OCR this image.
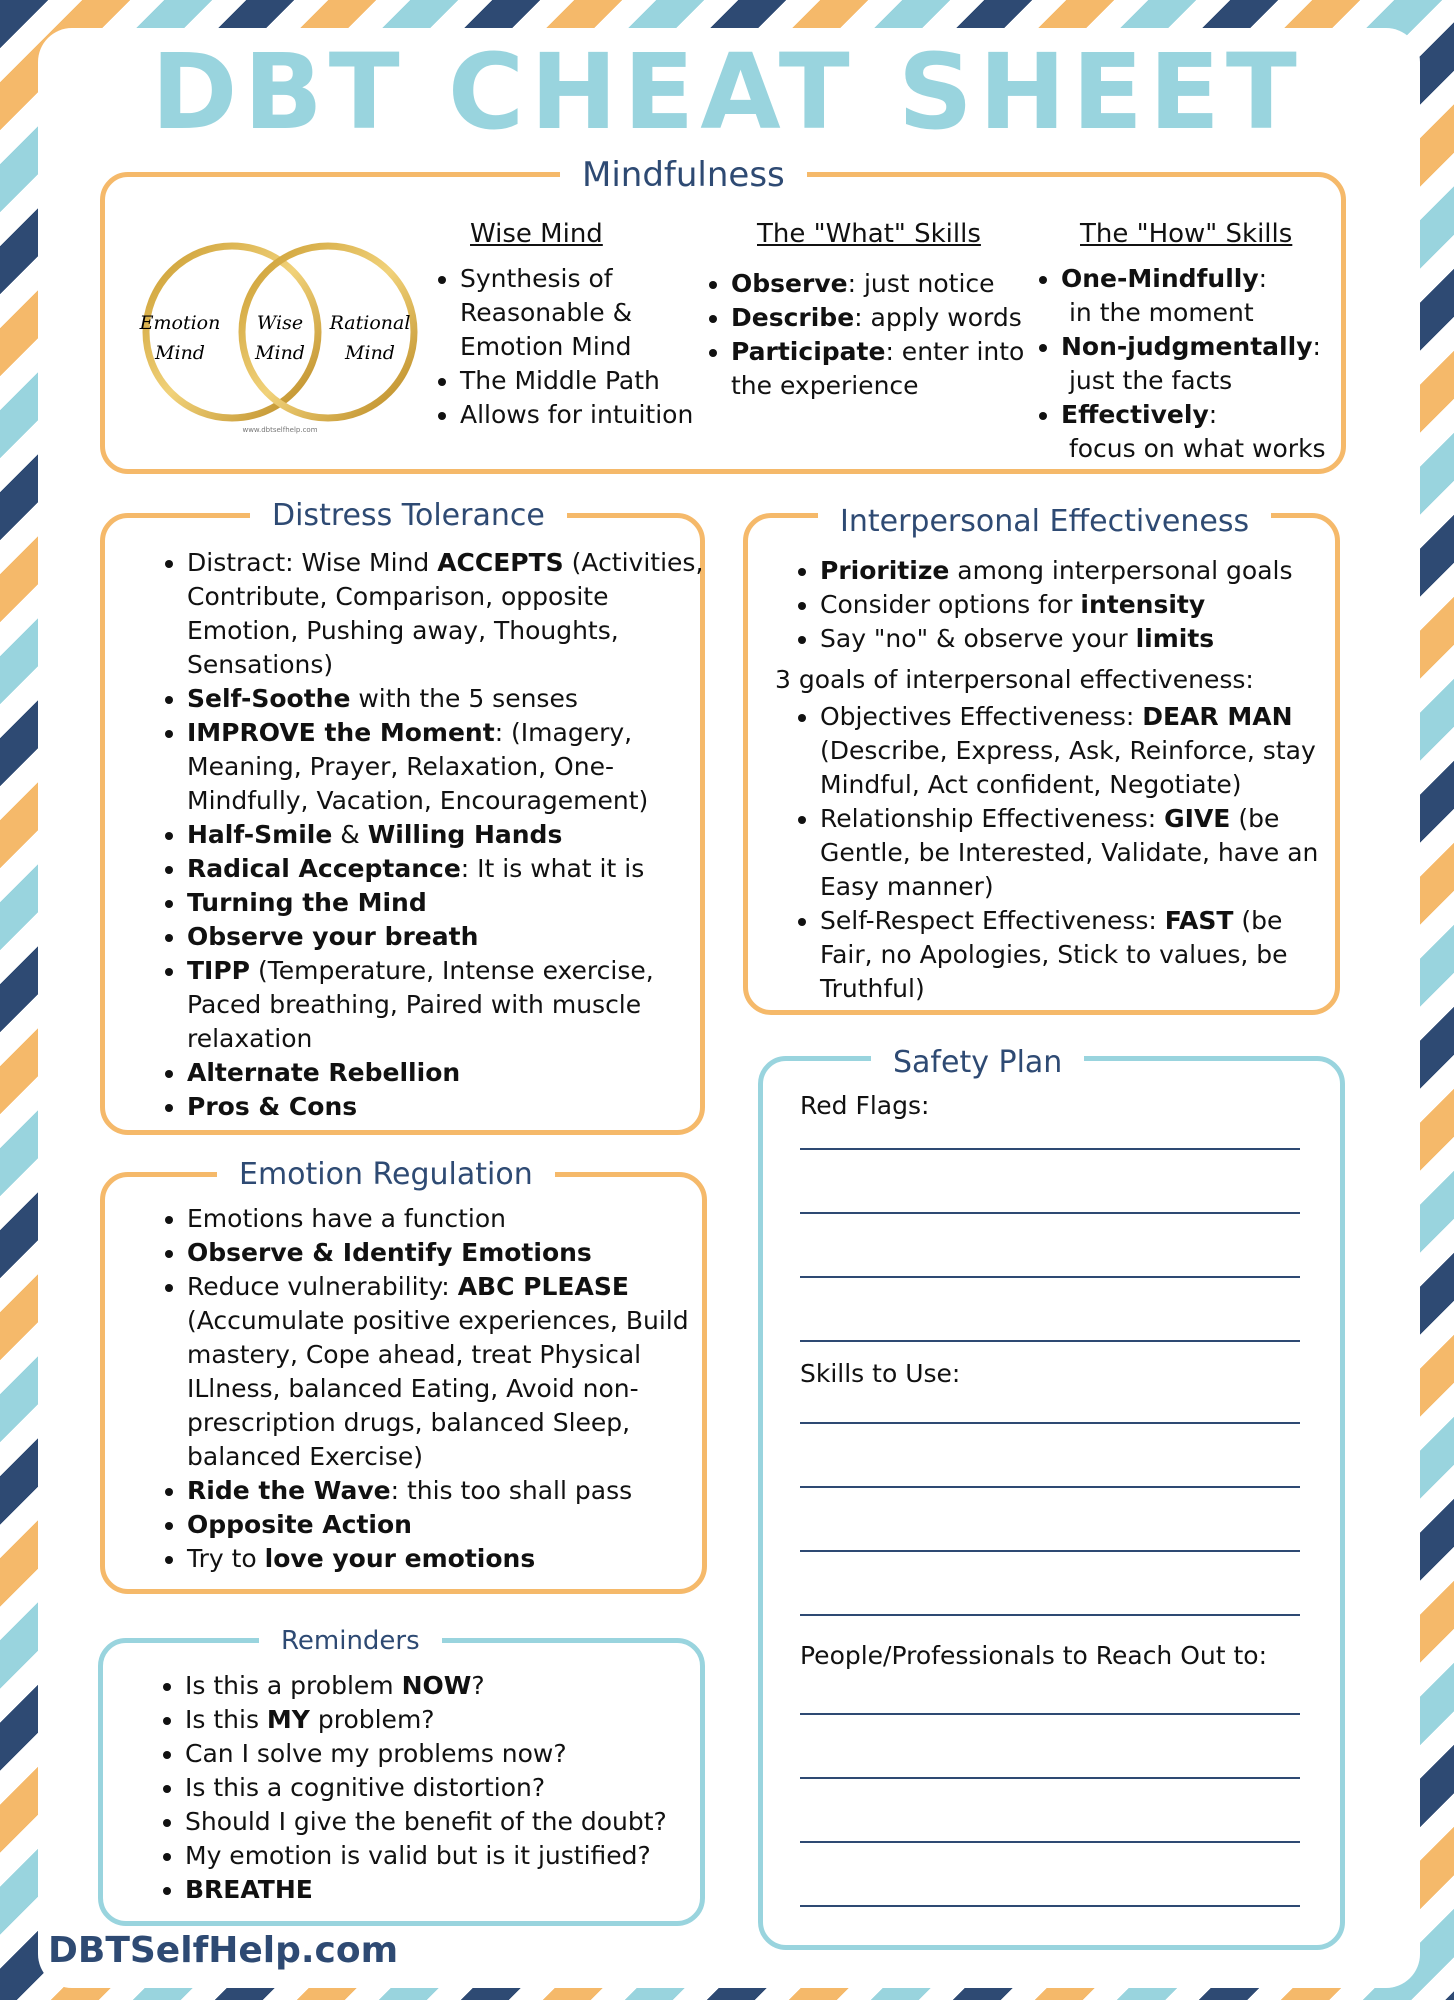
DBT CHEAT SHEET
Mindfulness
Emotion
Mind
Wise
Mind
Rational
Mind
www.dbtselfhelp.com
Wise Mind
• Synthesis of
Reasonable &
Emotion Mind
• The Middle Path
• Allows for intuition
The "What" Skills
• Observe: just notice
• Describe: apply words
• Participate: enter into the experience
The "How" Skills
• One-Mindfully:
in the moment
• Non-judgmentally:
just the facts
• Effectively:
focus on what works
Distress Tolerance
• Distract: Wise Mind ACCEPTS (Activities, Contribute, Comparison, opposite Emotion, Pushing away, Thoughts, Sensations)
• Self-Soothe with the 5 senses
• IMPROVE the Moment: (Imagery, Meaning, Prayer, Relaxation, One-Mindfully, Vacation, Encouragement)
• Half-Smile & Willing Hands
• Radical Acceptance: It is what it is
• Turning the Mind
• Observe your breath
• TIPP (Temperature, Intense exercise, Paced breathing, Paired with muscle relaxation
• Alternate Rebellion
• Pros & Cons
Emotion Regulation
• Emotions have a function
• Observe & Identify Emotions
• Reduce vulnerability: ABC PLEASE (Accumulate positive experiences, Build mastery, Cope ahead, treat Physical ILlness, balanced Eating, Avoid non-prescription drugs, balanced Sleep, balanced Exercise)
• Ride the Wave: this too shall pass
• Opposite Action
• Try to love your emotions
Reminders
• Is this a problem NOW?
• Is this MY problem?
• Can I solve my problems now?
• Is this a cognitive distortion?
• Should I give the benefit of the doubt?
• My emotion is valid but is it justified?
• BREATHE
Interpersonal Effectiveness
• Prioritize among interpersonal goals
• Consider options for intensity
• Say "no" & observe your limits
3 goals of interpersonal effectiveness:
• Objectives Effectiveness: DEAR MAN (Describe, Express, Ask, Reinforce, stay Mindful, Act confident, Negotiate)
• Relationship Effectiveness: GIVE (be Gentle, be Interested, Validate, have an Easy manner)
• Self-Respect Effectiveness: FAST (be Fair, no Apologies, Stick to values, be Truthful)
Safety Plan
Red Flags:
Skills to Use:
People/Professionals to Reach Out to:
DBTSelfHelp.com
